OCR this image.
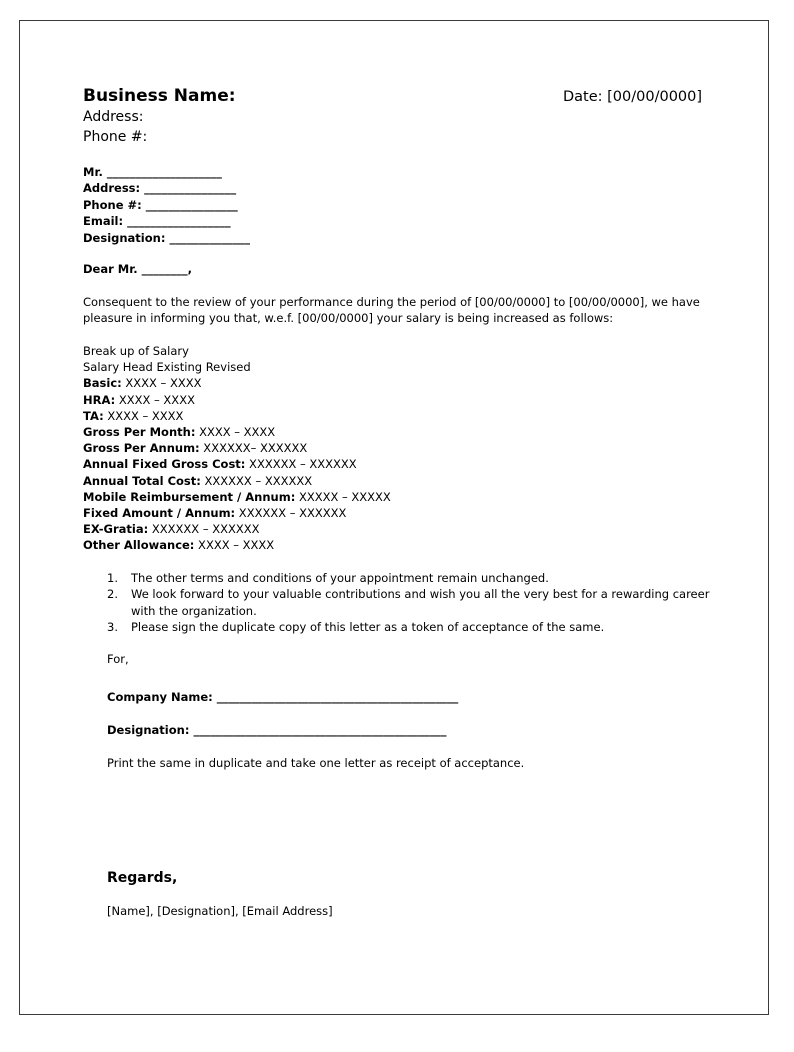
Business Name:	Date: [00/00/0000]
Address:
Phone #:
Mr. ____________________
Address: ________________
Phone #: ________________
Email: __________________
Designation: ______________
Dear Mr. ________,
Consequent to the review of your performance during the period of [00/00/0000] to [00/00/0000], we have pleasure in informing you that, w.e.f. [00/00/0000] your salary is being increased as follows:
Break up of Salary
Salary Head Existing Revised
Basic: XXXX – XXXX
HRA: XXXX – XXXX
TA: XXXX – XXXX
Gross Per Month: XXXX – XXXX
Gross Per Annum: XXXXXX– XXXXXX
Annual Fixed Gross Cost: XXXXXX – XXXXXX
Annual Total Cost: XXXXXX – XXXXXX
Mobile Reimbursement / Annum: XXXXX – XXXXX
Fixed Amount / Annum: XXXXXX – XXXXXX
EX-Gratia: XXXXXX – XXXXXX
Other Allowance: XXXX – XXXX
1. The other terms and conditions of your appointment remain unchanged.
2. We look forward to your valuable contributions and wish you all the very best for a rewarding career with the organization.
3. Please sign the duplicate copy of this letter as a token of acceptance of the same.
For,
Company Name: __________________________________________
Designation: ____________________________________________
Print the same in duplicate and take one letter as receipt of acceptance.
Regards,
[Name], [Designation], [Email Address]
